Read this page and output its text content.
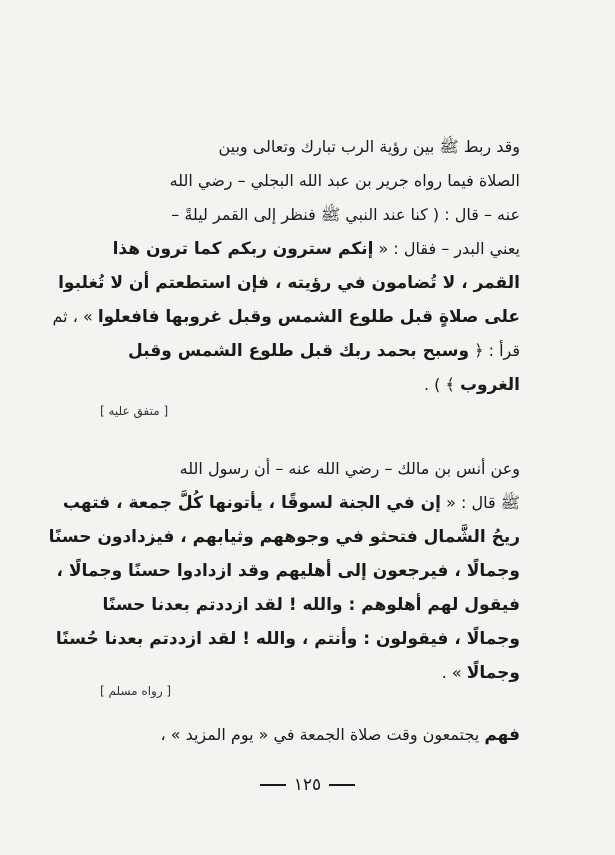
وقد ربط ﷺ بين رؤية الرب تبارك وتعالى وبين
الصلاة فيما رواه جرير بن عبد الله البجلي – رضي الله
عنه – قال : ( كنا عند النبي ﷺ فنظر إلى القمر ليلةً –
يعني البدر – فقال : « إنكم سترون ربكم كما ترون هذا
القمر ، لا تُضامون في رؤيته ، فإن استطعتم أن لا تُغلبوا
على صلاةٍ قبل طلوع الشمس وقبل غروبها فافعلوا » ، ثم
قرأ : ﴿ وسبح بحمد ربك قبل طلوع الشمس وقبل
الغروب ﴾ ) .
[ متفق عليه ]
وعن أنس بن مالك – رضي الله عنه – أن رسول الله
ﷺ قال : « إن في الجنة لسوقًا ، يأتونها كُلَّ جمعة ، فتهب
ريحُ الشَّمال فتحثو في وجوههم وثيابهم ، فيزدادون حسنًا
وجمالًا ، فيرجعون إلى أهليهم وقد ازدادوا حسنًا وجمالًا ،
فيقول لهم أهلوهم : والله ! لقد ازددتم بعدنا حسنًا
وجمالًا ، فيقولون : وأنتم ، والله ! لقد ازددتم بعدنا حُسنًا
وجمالًا » .
[ رواه مسلم ]
فهم يجتمعون وقت صلاة الجمعة في « يوم المزيد » ،
١٢٥
